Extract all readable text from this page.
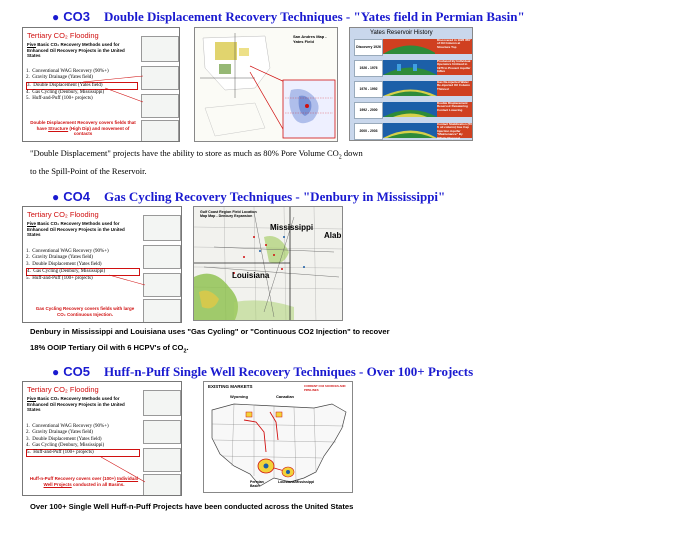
● CO3 Double Displacement Recovery Techniques - "Yates field in Permian Basin"
Tertiary CO₂ Flooding
Five Basic CO₂ Recovery Methods used for Enhanced Oil Recovery Projects in the United States
1.  Conventional WAG Recovery (90%+)
2.  Gravity Drainage (Yates field)
3.  Double Displacement (Yates field)
4.  Gas Cycling (Denbury, Mississippi)
5.  Huff-and-Puff (100+ projects)
Double Displacement Recovery covers fields that have Structure (High Dip) and movement of contacts
San Andres Map - Yates Field
Yates Reservoir History
Discovery 1926
Discovered in 1926 350' of Oil Column at Structure Top
1926 - 1976
Produced By Individual Operators Unitized in 1976 to Prevent Aquifer Influx
1976 - 1992
Gas Re-injected Water Re-injected Oil Column Thinned
1992 - 2000
Double Displacement Reservoir Dewatering Contact Lowering
2000 - 2003
Contact Stabilization (50 ft oil column) Gas Cap Injection Aquifer "Maintenance" By Offsite Disposal
"Double Displacement" projects have the ability to store as much as 80% Pore Volume $CO_2$ down
to the Spill-Point of the Reservoir.
● CO4 Gas Cycling Recovery Techniques - "Denbury in Mississippi"
Tertiary CO₂ Flooding
Five Basic CO₂ Recovery Methods used for Enhanced Oil Recovery Projects in the United States
1.  Conventional WAG Recovery (90%+)
2.  Gravity Drainage (Yates field)
3.  Double Displacement (Yates field)
4.  Gas Cycling (Denbury, Mississippi)
5.  Huff-and-Puff (100+ projects)
Gas Cycling Recovery covers fields with large CO₂ Continuous Injection.
Gulf Coast Region Field Location Map Map - Denbury Expansion
Mississippi
Alab
Louisiana
Denbury in Mississippi and Louisiana uses "Gas Cycling" or "Continuous CO2 Injection" to recover
18% OOIP Tertiary Oil with 6 HCPV's of $CO_2$.
● CO5 Huff-n-Puff Single Well Recovery Techniques - Over 100+ Projects
Tertiary CO₂ Flooding
Five Basic CO₂ Recovery Methods used for Enhanced Oil Recovery Projects in the United States
1.  Conventional WAG Recovery (90%+)
2.  Gravity Drainage (Yates field)
3.  Double Displacement (Yates field)
4.  Gas Cycling (Denbury, Mississippi)
5.  Huff-and-Puff (100+ projects)
Huff-n-Puff Recovery covers over (100+) Individual Well Projects conducted in all Basins.
EXISTING MARKETS	CURRENT CO2 SOURCES AND PIPELINES
Wyoming	Canadian
Permian Basin
Louisiana/Mississippi
Over 100+ Single Well Huff-n-Puff Projects have been conducted across the United States
